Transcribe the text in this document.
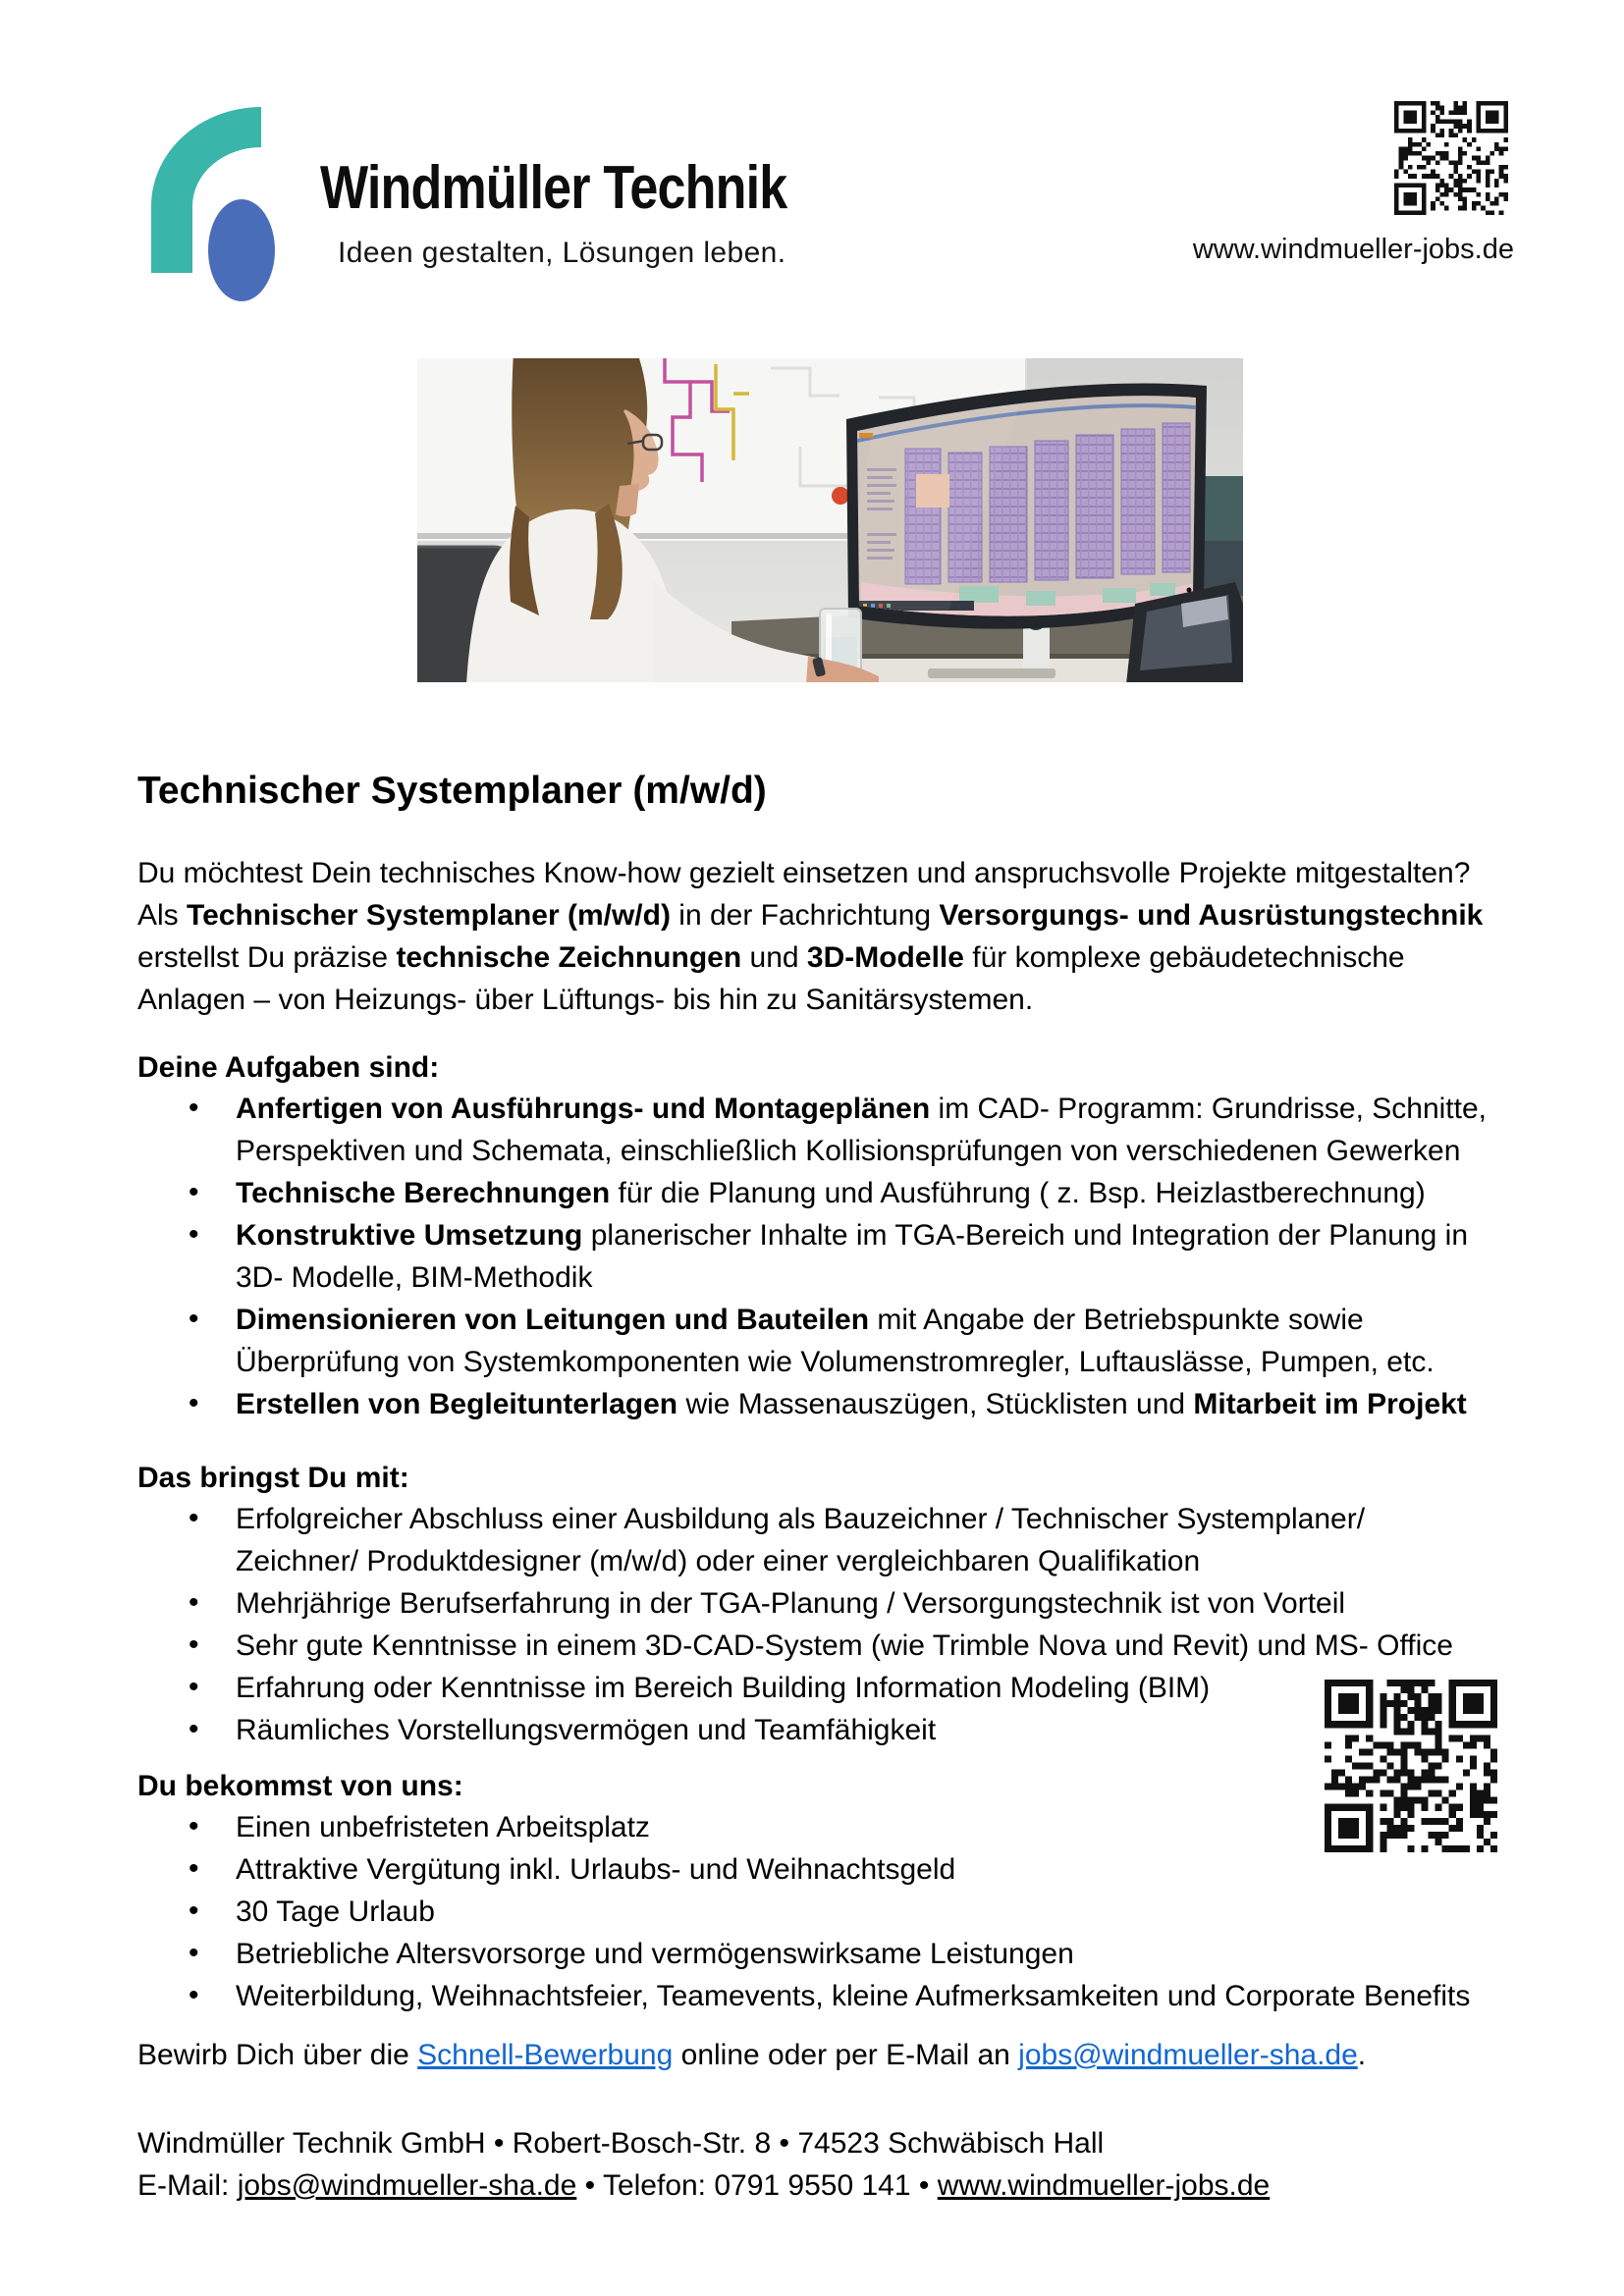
Windmüller Technik
Ideen gestalten, Lösungen leben.	www.windmueller-jobs.de
Technischer Systemplaner (m/w/d)
Du möchtest Dein technisches Know-how gezielt einsetzen und anspruchsvolle Projekte mitgestalten?
Als Technischer Systemplaner (m/w/d) in der Fachrichtung Versorgungs- und Ausrüstungstechnik
erstellst Du präzise technische Zeichnungen und 3D-Modelle für komplexe gebäudetechnische
Anlagen – von Heizungs- über Lüftungs- bis hin zu Sanitärsystemen.
Deine Aufgaben sind:
• Anfertigen von Ausführungs- und Montageplänen im CAD- Programm: Grundrisse, Schnitte,
Perspektiven und Schemata, einschließlich Kollisionsprüfungen von verschiedenen Gewerken
• Technische Berechnungen für die Planung und Ausführung ( z. Bsp. Heizlastberechnung)
• Konstruktive Umsetzung planerischer Inhalte im TGA-Bereich und Integration der Planung in
3D- Modelle, BIM-Methodik
• Dimensionieren von Leitungen und Bauteilen mit Angabe der Betriebspunkte sowie
Überprüfung von Systemkomponenten wie Volumenstromregler, Luftauslässe, Pumpen, etc.
• Erstellen von Begleitunterlagen wie Massenauszügen, Stücklisten und Mitarbeit im Projekt
Das bringst Du mit:
• Erfolgreicher Abschluss einer Ausbildung als Bauzeichner / Technischer Systemplaner/
Zeichner/ Produktdesigner (m/w/d) oder einer vergleichbaren Qualifikation
• Mehrjährige Berufserfahrung in der TGA-Planung / Versorgungstechnik ist von Vorteil
• Sehr gute Kenntnisse in einem 3D-CAD-System (wie Trimble Nova und Revit) und MS- Office
• Erfahrung oder Kenntnisse im Bereich Building Information Modeling (BIM)
• Räumliches Vorstellungsvermögen und Teamfähigkeit
Du bekommst von uns:
• Einen unbefristeten Arbeitsplatz
• Attraktive Vergütung inkl. Urlaubs- und Weihnachtsgeld
• 30 Tage Urlaub
• Betriebliche Altersvorsorge und vermögenswirksame Leistungen
• Weiterbildung, Weihnachtsfeier, Teamevents, kleine Aufmerksamkeiten und Corporate Benefits
Bewirb Dich über die Schnell-Bewerbung online oder per E-Mail an jobs@windmueller-sha.de.
Windmüller Technik GmbH • Robert-Bosch-Str. 8 • 74523 Schwäbisch Hall
E-Mail: jobs@windmueller-sha.de • Telefon: 0791 9550 141 • www.windmueller-jobs.de
